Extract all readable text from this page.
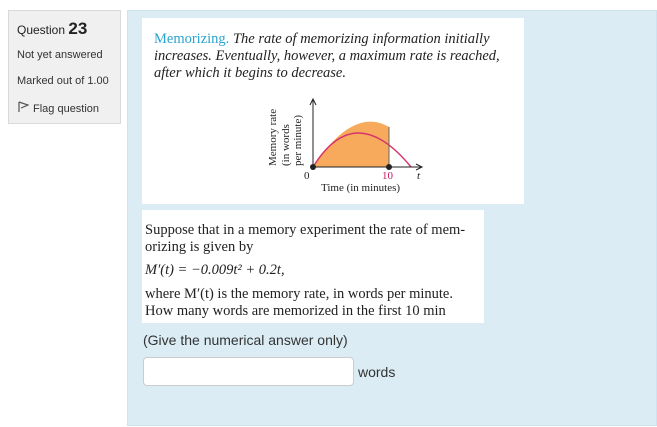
Question 23
Not yet answered
Marked out of 1.00
Flag question
Memorizing. The rate of memorizing information initially increases. Eventually, however, a maximum rate is reached, after which it begins to decrease.
Memory rate (in words per minute)
0	10 t
Time (in minutes)
Suppose that in a memory experiment the rate of mem-
orizing is given by
M′(t) = −0.009t² + 0.2t,
where M′(t) is the memory rate, in words per minute.
How many words are memorized in the first 10 min
(Give the numerical answer only)
words
